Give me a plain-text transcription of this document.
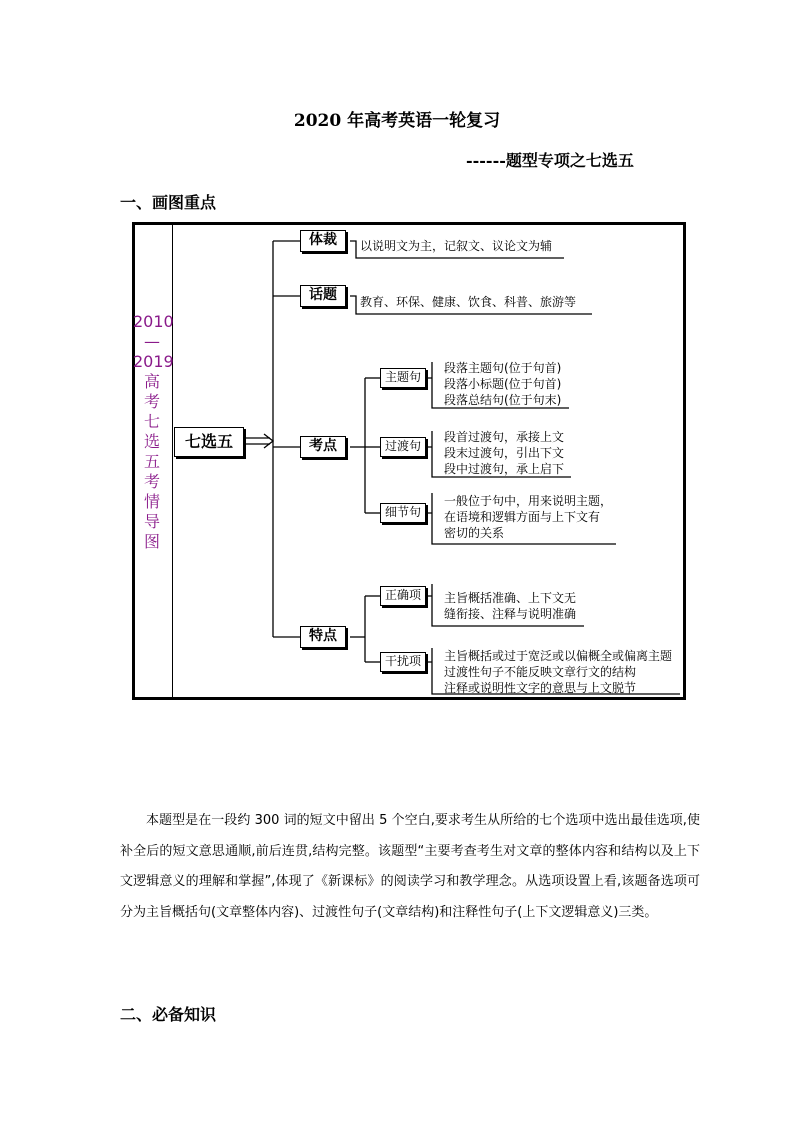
2020 年高考英语一轮复习
------题型专项之七选五
一、画图重点
2010
—
2019
高
考
七
选
五
考
情
导
图
七选五
体裁	以说明文为主，记叙文、议论文为辅
话题	教育、环保、健康、饮食、科普、旅游等
考点
主题句
段落主题句(位于句首)
段落小标题(位于句首)
段落总结句(位于句末)
过渡句
段首过渡句，承接上文
段末过渡句，引出下文
段中过渡句，承上启下
细节句
一般位于句中，用来说明主题，
在语境和逻辑方面与上下文有
密切的关系
特点
正确项	主旨概括准确、上下文无
缝衔接、注释与说明准确
干扰项	主旨概括或过于宽泛或以偏概全或偏离主题
过渡性句子不能反映文章行文的结构
注释或说明性文字的意思与上文脱节

本题型是在一段约 300 词的短文中留出 5 个空白,要求考生从所给的七个选项中选出最佳选项,使补全后的短文意思通顺,前后连贯,结构完整。该题型“主要考查考生对文章的整体内容和结构以及上下文逻辑意义的理解和掌握”,体现了《新课标》的阅读学习和教学理念。从选项设置上看,该题备选项可分为主旨概括句(文章整体内容)、过渡性句子(文章结构)和注释性句子(上下文逻辑意义)三类。

二、必备知识
